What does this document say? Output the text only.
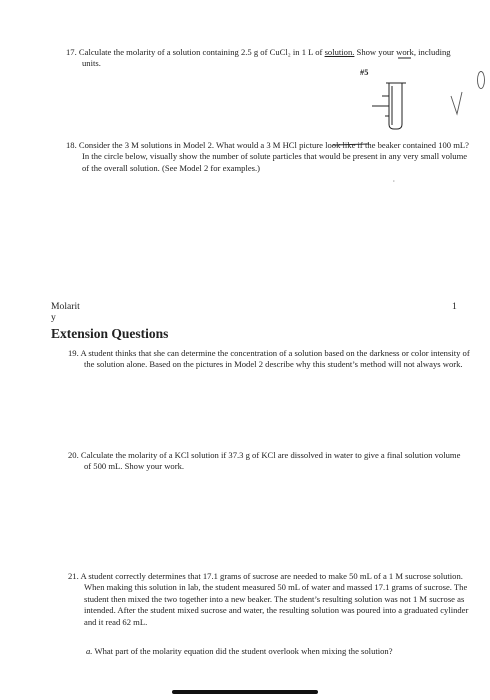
17. Calculate the molarity of a solution containing 2.5 g of CuCl₂ in 1 L of solution. Show your work, including units.
#5
18. Consider the 3 M solutions in Model 2. What would a 3 M HCl picture look like if the beaker contained 100 mL? In the circle below, visually show the number of solute particles that would be present in any very small volume of the overall solution. (See Model 2 for examples.)
▹
Molarit
y
1
Extension Questions
19. A student thinks that she can determine the concentration of a solution based on the darkness or color intensity of the solution alone. Based on the pictures in Model 2 describe why this student’s method will not always work.
20. Calculate the molarity of a KCl solution if 37.3 g of KCl are dissolved in water to give a final solution volume of 500 mL. Show your work.
21. A student correctly determines that 17.1 grams of sucrose are needed to make 50 mL of a 1 M sucrose solution. When making this solution in lab, the student measured 50 mL of water and massed 17.1 grams of sucrose. The student then mixed the two together into a new beaker. The student’s resulting solution was not 1 M sucrose as intended. After the student mixed sucrose and water, the resulting solution was poured into a graduated cylinder and it read 62 mL.
a. What part of the molarity equation did the student overlook when mixing the solution?
